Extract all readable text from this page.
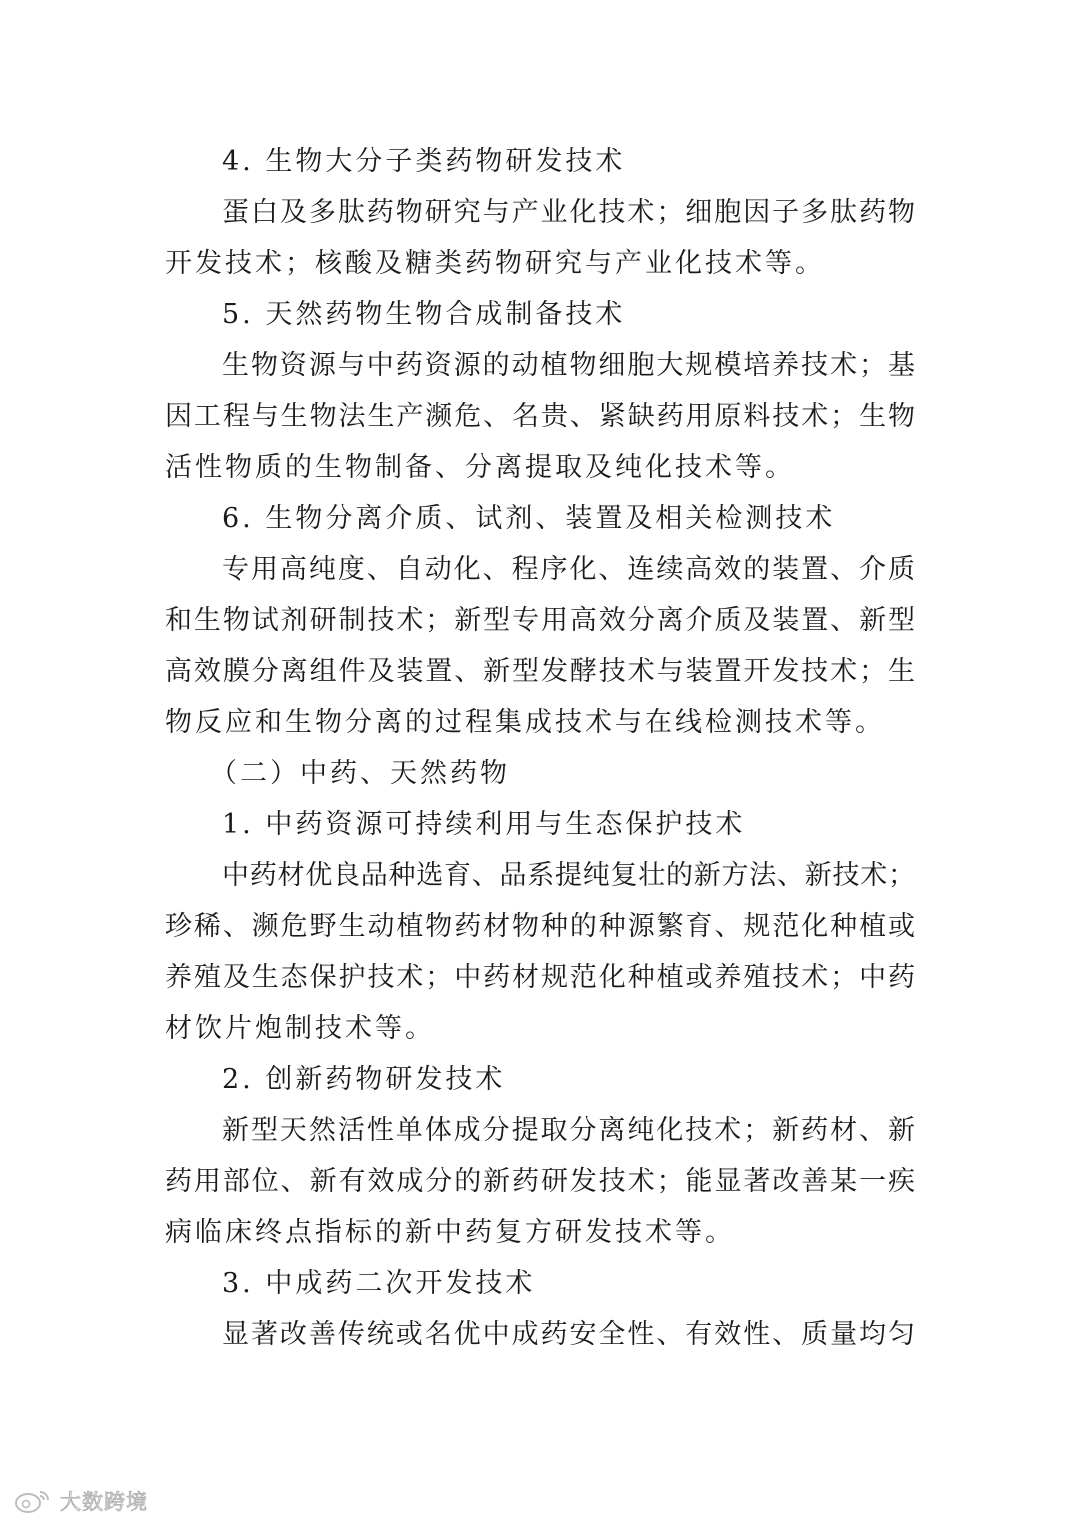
4. 生物大分子类药物研发技术
蛋白及多肽药物研究与产业化技术；细胞因子多肽药物
开发技术；核酸及糖类药物研究与产业化技术等。
5. 天然药物生物合成制备技术
生物资源与中药资源的动植物细胞大规模培养技术；基
因工程与生物法生产濒危、名贵、紧缺药用原料技术；生物
活性物质的生物制备、分离提取及纯化技术等。
6. 生物分离介质、试剂、装置及相关检测技术
专用高纯度、自动化、程序化、连续高效的装置、介质
和生物试剂研制技术；新型专用高效分离介质及装置、新型
高效膜分离组件及装置、新型发酵技术与装置开发技术；生
物反应和生物分离的过程集成技术与在线检测技术等。
（二）中药、天然药物
1. 中药资源可持续利用与生态保护技术
中药材优良品种选育、品系提纯复壮的新方法、新技术；
珍稀、濒危野生动植物药材物种的种源繁育、规范化种植或
养殖及生态保护技术；中药材规范化种植或养殖技术；中药
材饮片炮制技术等。
2. 创新药物研发技术
新型天然活性单体成分提取分离纯化技术；新药材、新
药用部位、新有效成分的新药研发技术；能显著改善某一疾
病临床终点指标的新中药复方研发技术等。
3. 中成药二次开发技术
显著改善传统或名优中成药安全性、有效性、质量均匀
大数跨境
